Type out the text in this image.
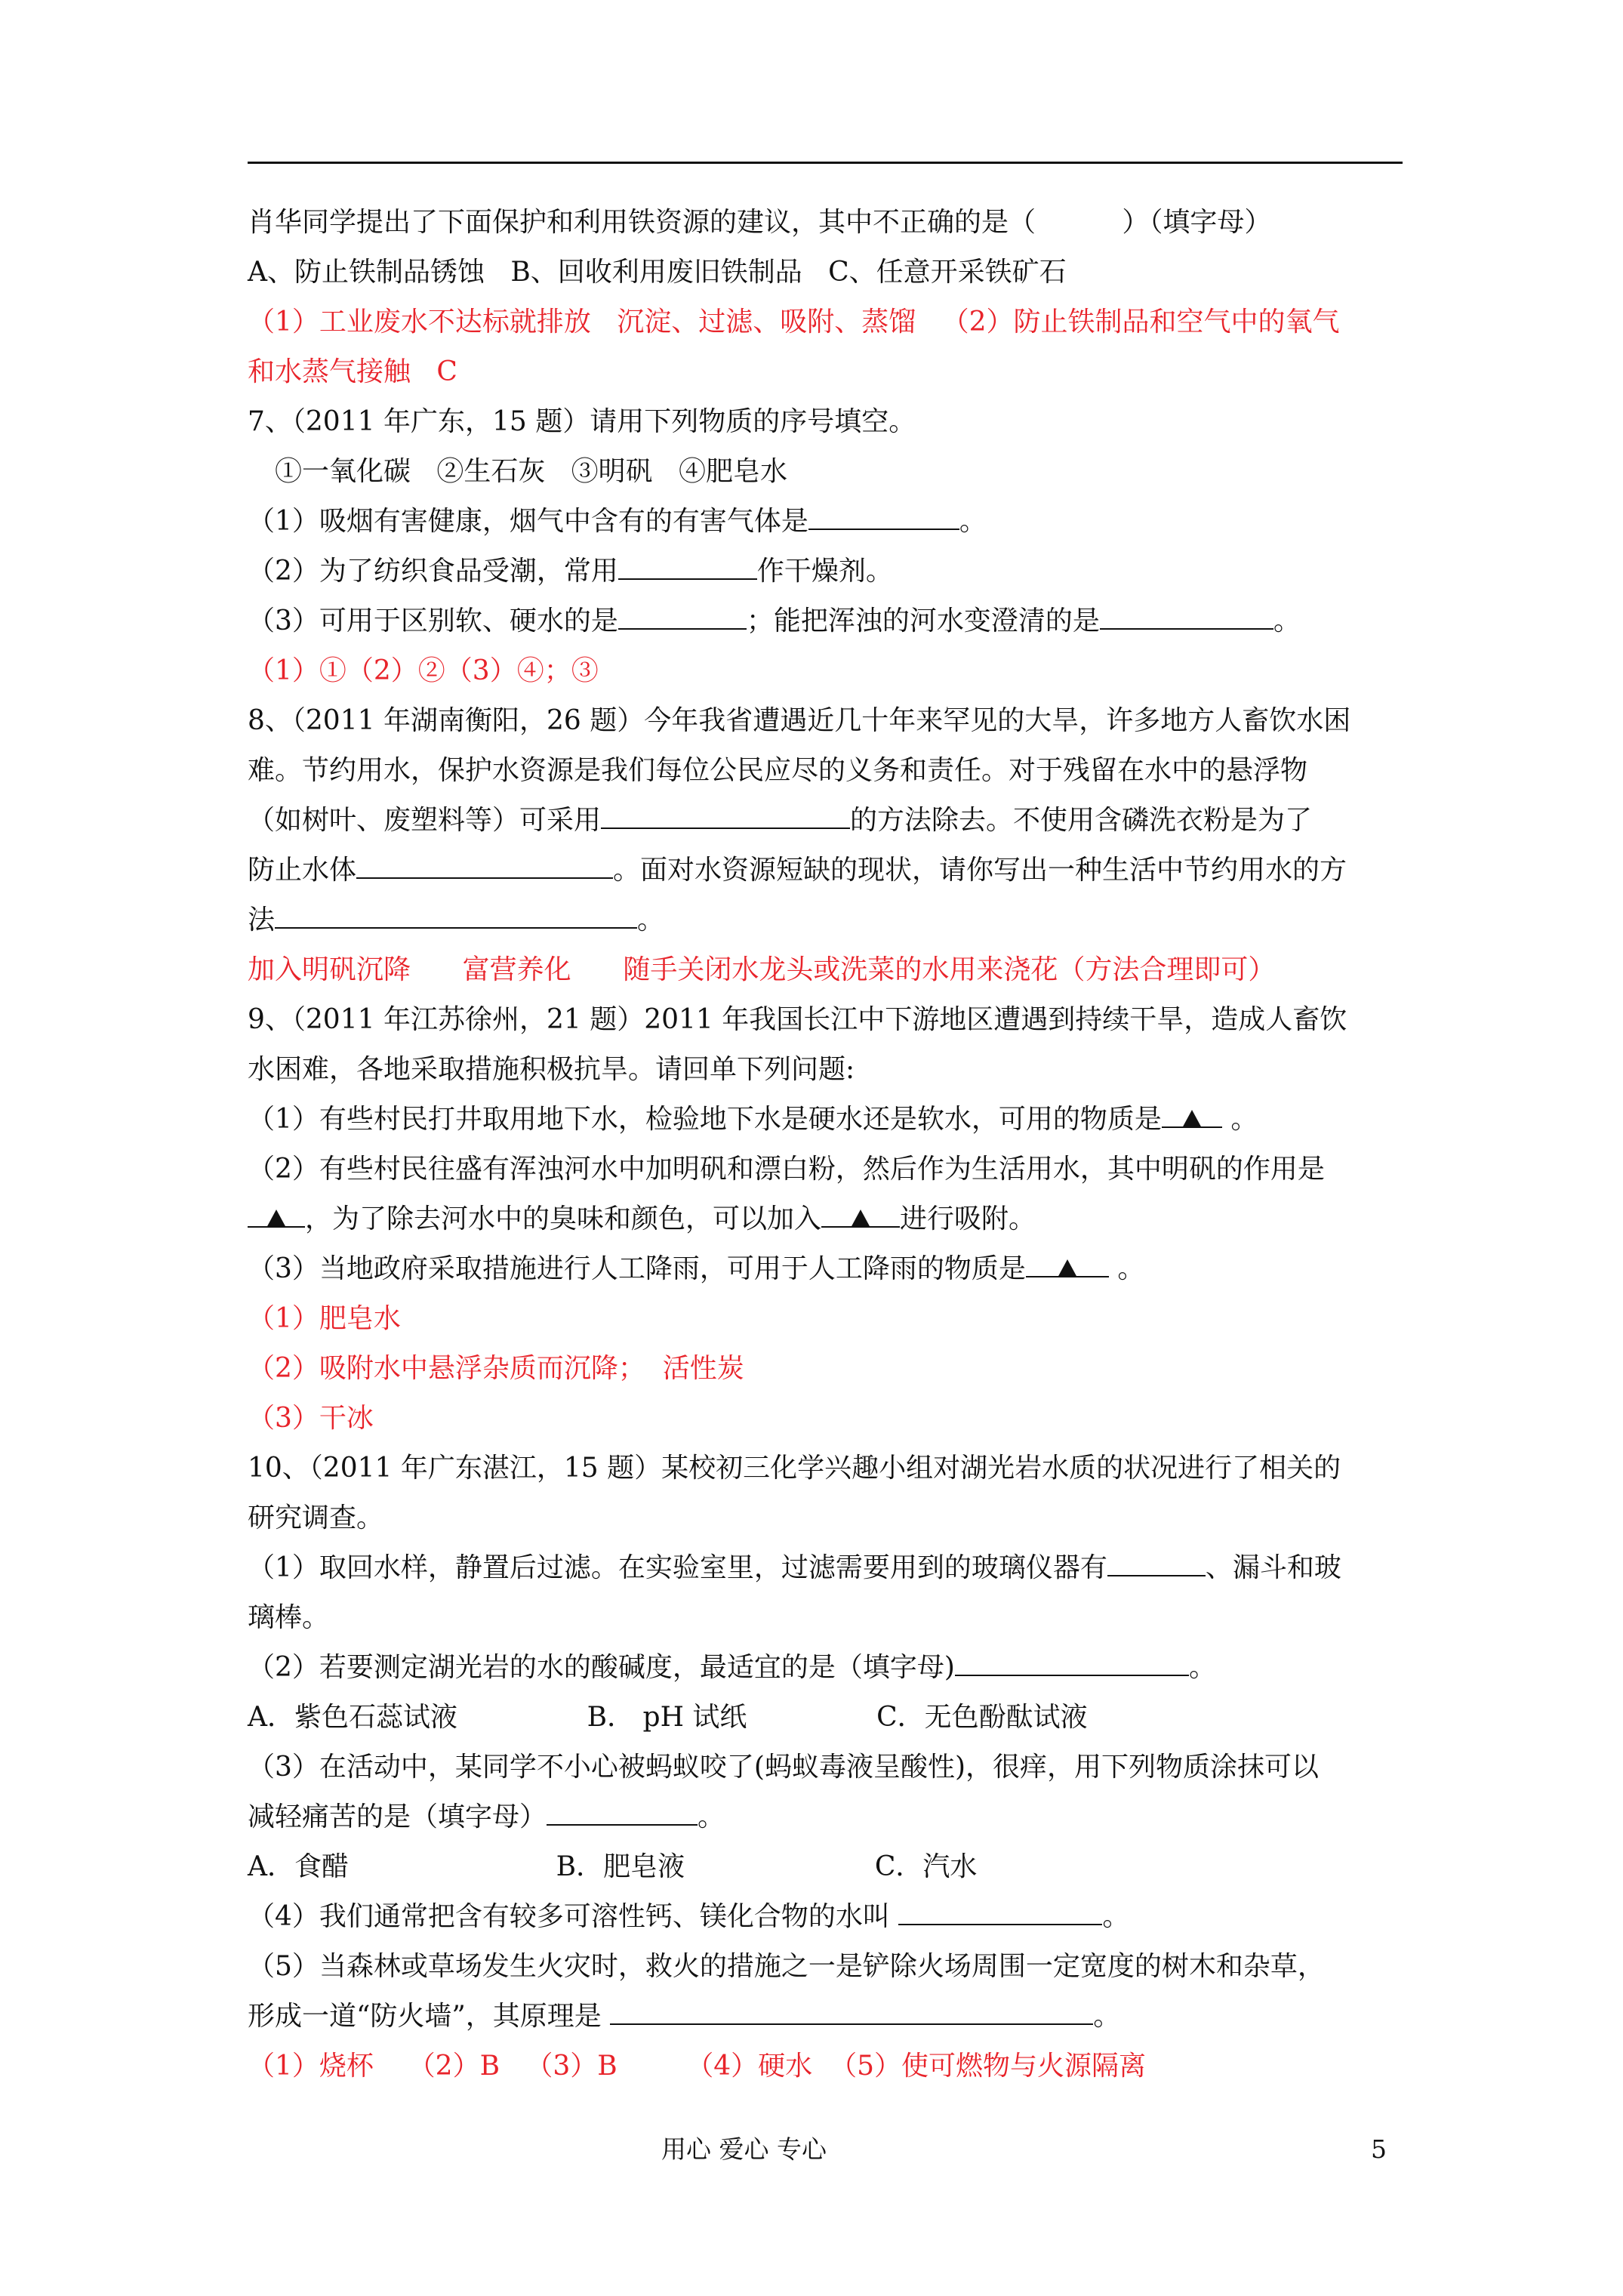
肖华同学提出了下面保护和利用铁资源的建议，其中不正确的是（          ）（填字母）
A、防止铁制品锈蚀   B、回收利用废旧铁制品   C、任意开采铁矿石
（1）工业废水不达标就排放   沉淀、过滤、吸附、蒸馏   （2）防止铁制品和空气中的氧气
和水蒸气接触   C
7、（2011 年广东，15 题）请用下列物质的序号填空。
①一氧化碳   ②生石灰   ③明矾   ④肥皂水
（1）吸烟有害健康，烟气中含有的有害气体是	。
（2）为了纺织食品受潮，常用	作干燥剂。
（3）可用于区别软、硬水的是	；能把浑浊的河水变澄清的是	。
（1）①（2）②（3）④；③
8、（2011 年湖南衡阳，26 题）今年我省遭遇近几十年来罕见的大旱，许多地方人畜饮水困
难。节约用水，保护水资源是我们每位公民应尽的义务和责任。对于残留在水中的悬浮物
（如树叶、废塑料等）可采用	的方法除去。不使用含磷洗衣粉是为了
防止水体	。面对水资源短缺的现状，请你写出一种生活中节约用水的方
法	。
加入明矾沉降      富营养化      随手关闭水龙头或洗菜的水用来浇花（方法合理即可）
9、（2011 年江苏徐州，21 题）2011 年我国长江中下游地区遭遇到持续干旱，造成人畜饮
水困难，各地采取措施积极抗旱。请回单下列问题:
（1）有些村民打井取用地下水，检验地下水是硬水还是软水，可用的物质是 。
（2）有些村民往盛有浑浊河水中加明矾和漂白粉，然后作为生活用水，其中明矾的作用是
，为了除去河水中的臭味和颜色，可以加入	进行吸附。
（3）当地政府采取措施进行人工降雨，可用于人工降雨的物质是	。
（1）肥皂水
（2）吸附水中悬浮杂质而沉降；  活性炭
（3）干冰
10、（2011 年广东湛江，15 题）某校初三化学兴趣小组对湖光岩水质的状况进行了相关的
研究调查。
（1）取回水样，静置后过滤。在实验室里，过滤需要用到的玻璃仪器有	、漏斗和玻
璃棒。
（2）若要测定湖光岩的水的酸碱度，最适宜的是（填字母)	。
A．紫色石蕊试液               B． pH 试纸               C．无色酚酞试液
（3）在活动中，某同学不小心被蚂蚁咬了(蚂蚁毒液呈酸性)，很痒，用下列物质涂抹可以
减轻痛苦的是（填字母）	。
A．食醋                        B．肥皂液                      C．汽水
（4）我们通常把含有较多可溶性钙、镁化合物的水叫	。
（5）当森林或草场发生火灾时，救火的措施之一是铲除火场周围一定宽度的树木和杂草，
形成一道“防火墙”，其原理是	。
（1）烧杯    （2）B   （3）B        （4）硬水  （5）使可燃物与火源隔离
用心 爱心 专心	5
